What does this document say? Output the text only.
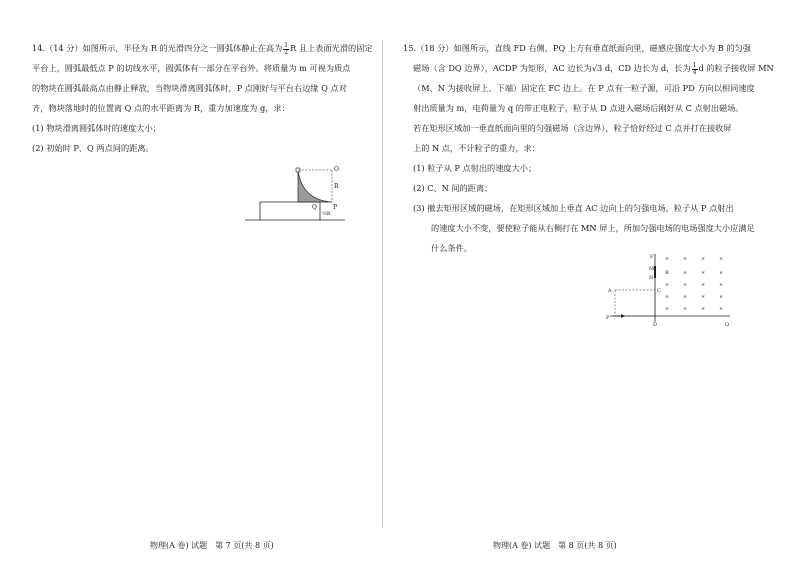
14.（14 分）如图所示，半径为 R 的光滑四分之一圆弧体静止在高为 $\frac{1}{2}$ R 且上表面光滑的固定
平台上，圆弧最低点 P 的切线水平，圆弧体有一部分在平台外。将质量为 m 可视为质点
的物块在圆弧最高点由静止释放，当物块滑离圆弧体时，P 点刚好与平台右边缘 Q 点对
齐，物块落地时的位置离 Q 点的水平距离为 R，重力加速度为 g，求：
(1) 物块滑离圆弧体时的速度大小；
(2) 初始时 P、Q 两点间的距离。
O
R
P
Q
½R
物理(A 卷) 试题　第 7 页(共 8 页)
15.（18 分）如图所示，直线 FD 右侧，PQ 上方有垂直纸面向里，磁感应强度大小为 B 的匀强
磁场（含 DQ 边界），ACDP 为矩形，AC 边长为√3 d，CD 边长为 d，长为 $\frac{1}{4}$ d 的粒子接收屏 MN
（M、N 为接收屏上、下端）固定在 FC 边上。在 P 点有一粒子源，可沿 PD 方向以相同速度
射出质量为 m，电荷量为 q 的带正电粒子，粒子从 D 点进入磁场后刚好从 C 点射出磁场。
若在矩形区域加一垂直纸面向里的匀强磁场（含边界），粒子恰好经过 C 点并打在接收屏
上的 N 点，不计粒子的重力，求：
(1) 粒子从 P 点射出的速度大小；
(2) C、N 间的距离；
(3) 撤去矩形区域的磁场，在矩形区域加上垂直 AC 边向上的匀强电场，粒子从 P 点射出
的速度大小不变，要使粒子能从右侧打在 MN 屏上，所加匀强电场的电场强度大小应满足
什么条件。
F
M
N
C
A
P
D	Q
B
×	×	×	×
×	×	×
×	×	×	×
×	×	×	×
×	×	×	×
物理(A 卷) 试题　第 8 页(共 8 页)
